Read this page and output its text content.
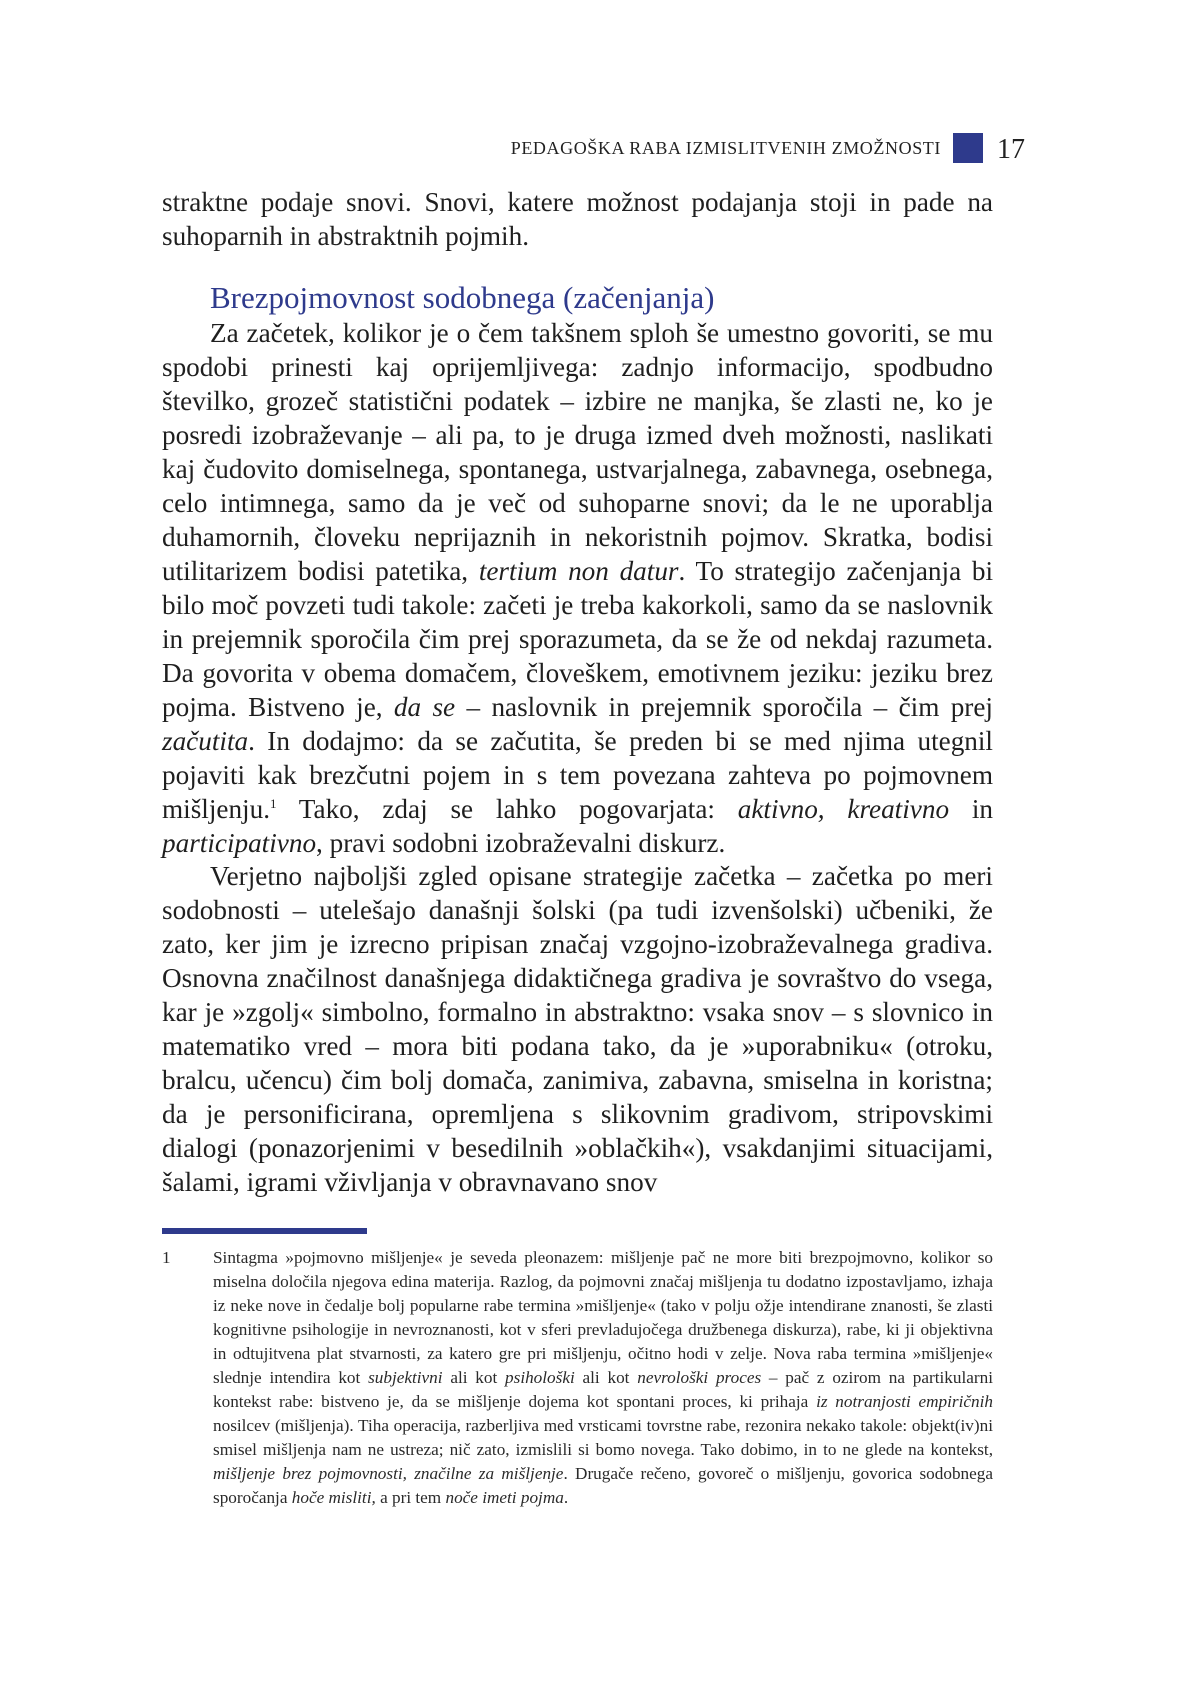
PEDAGOŠKA RABA IZMISLITVENIH ZMOŽNOSTI 17

straktne podaje snovi. Snovi, katere možnost podajanja stoji in pade na suhoparnih in abstraktnih pojmih.

Brezpojmovnost sodobnega (začenjanja)

Za začetek, kolikor je o čem takšnem sploh še umestno govoriti, se mu spodobi prinesti kaj oprijemljivega: zadnjo informacijo, spodbudno številko, grozeč statistični podatek – izbire ne manjka, še zlasti ne, ko je posredi izobraževanje – ali pa, to je druga izmed dveh možnosti, naslikati kaj čudovito domiselnega, spontanega, ustvarjalnega, zabavnega, osebnega, celo intimnega, samo da je več od suhoparne snovi; da le ne uporablja duhamornih, človeku neprijaznih in nekoristnih pojmov. Skratka, bodisi utilitarizem bodisi patetika, tertium non datur. To strategijo začenjanja bi bilo moč povzeti tudi takole: začeti je treba kakorkoli, samo da se naslovnik in prejemnik sporočila čim prej sporazumeta, da se že od nekdaj razumeta. Da govorita v obema domačem, človeškem, emotivnem jeziku: jeziku brez pojma. Bistveno je, da se – naslovnik in prejemnik sporočila – čim prej začutita. In dodajmo: da se začutita, še preden bi se med njima utegnil pojaviti kak brezčutni pojem in s tem povezana zahteva po pojmovnem mišljenju.$^1$ Tako, zdaj se lahko pogovarjata: aktivno, kreativno in participativno, pravi sodobni izobraževalni diskurz.

Verjetno najboljši zgled opisane strategije začetka – začetka po meri sodobnosti – utelešajo današnji šolski (pa tudi izvenšolski) učbeniki, že zato, ker jim je izrecno pripisan značaj vzgojno-izobraževalnega gradiva. Osnovna značilnost današnjega didaktičnega gradiva je sovraštvo do vsega, kar je »zgolj« simbolno, formalno in abstraktno: vsaka snov – s slovnico in matematiko vred – mora biti podana tako, da je »uporabniku« (otroku, bralcu, učencu) čim bolj domača, zanimiva, zabavna, smiselna in koristna; da je personificirana, opremljena s slikovnim gradivom, stripovskimi dialogi (ponazorjenimi v besedilnih »oblačkih«), vsakdanjimi situacijami, šalami, igrami vživljanja v obravnavano snov

1	Sintagma »pojmovno mišljenje« je seveda pleonazem: mišljenje pač ne more biti brezpojmovno, kolikor so miselna določila njegova edina materija. Razlog, da pojmovni značaj mišljenja tu dodatno izpostavljamo, izhaja iz neke nove in čedalje bolj popularne rabe termina »mišljenje« (tako v polju ožje intendirane znanosti, še zlasti kognitivne psihologije in nevroznanosti, kot v sferi prevladujočega družbenega diskurza), rabe, ki ji objektivna in odtujitvena plat stvarnosti, za katero gre pri mišljenju, očitno hodi v zelje. Nova raba termina »mišljenje« slednje intendira kot subjektivni ali kot psihološki ali kot nevrološki proces – pač z ozirom na partikularni kontekst rabe: bistveno je, da se mišljenje dojema kot spontani proces, ki prihaja iz notranjosti empiričnih nosilcev (mišljenja). Tiha operacija, razberljiva med vrsticami tovrstne rabe, rezonira nekako takole: objekt(iv)ni smisel mišljenja nam ne ustreza; nič zato, izmislili si bomo novega. Tako dobimo, in to ne glede na kontekst, mišljenje brez pojmovnosti, značilne za mišljenje. Drugače rečeno, govoreč o mišljenju, govorica sodobnega sporočanja hoče misliti, a pri tem noče imeti pojma.
